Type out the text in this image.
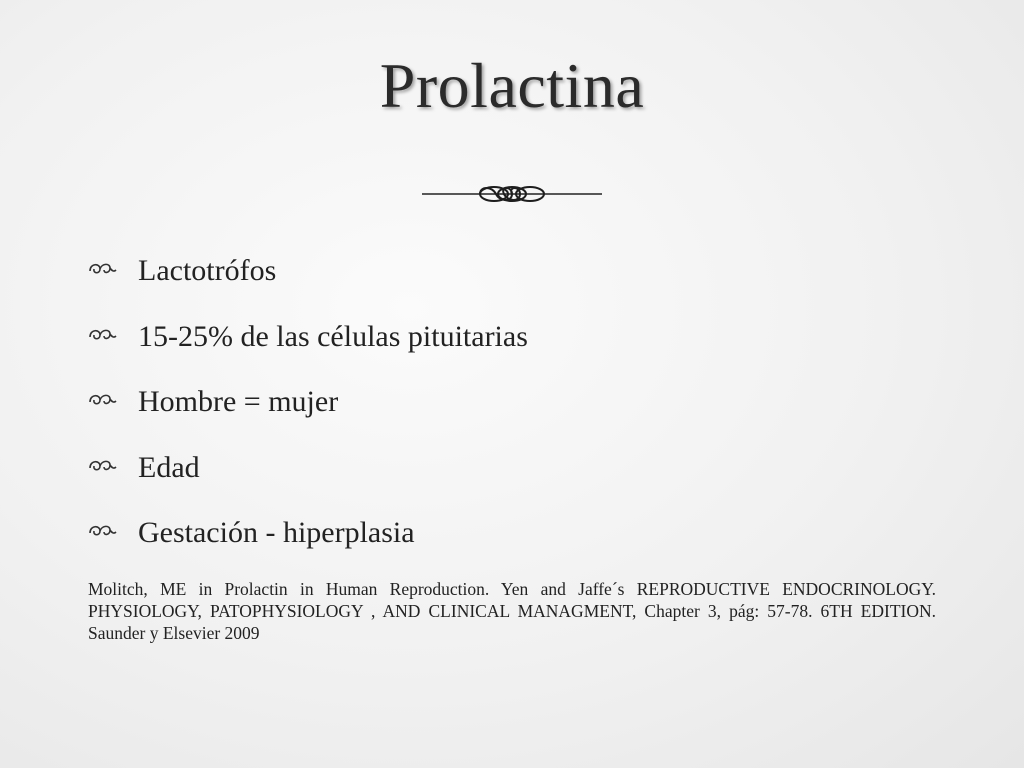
Prolactina
Lactotrófos
15-25% de las células pituitarias
Hombre = mujer
Edad
Gestación - hiperplasia
Molitch, ME in Prolactin in Human Reproduction. Yen and Jaffe´s REPRODUCTIVE ENDOCRINOLOGY. PHYSIOLOGY, PATOPHYSIOLOGY , AND CLINICAL MANAGMENT, Chapter 3, pág: 57-78. 6TH EDITION. Saunder y Elsevier 2009
